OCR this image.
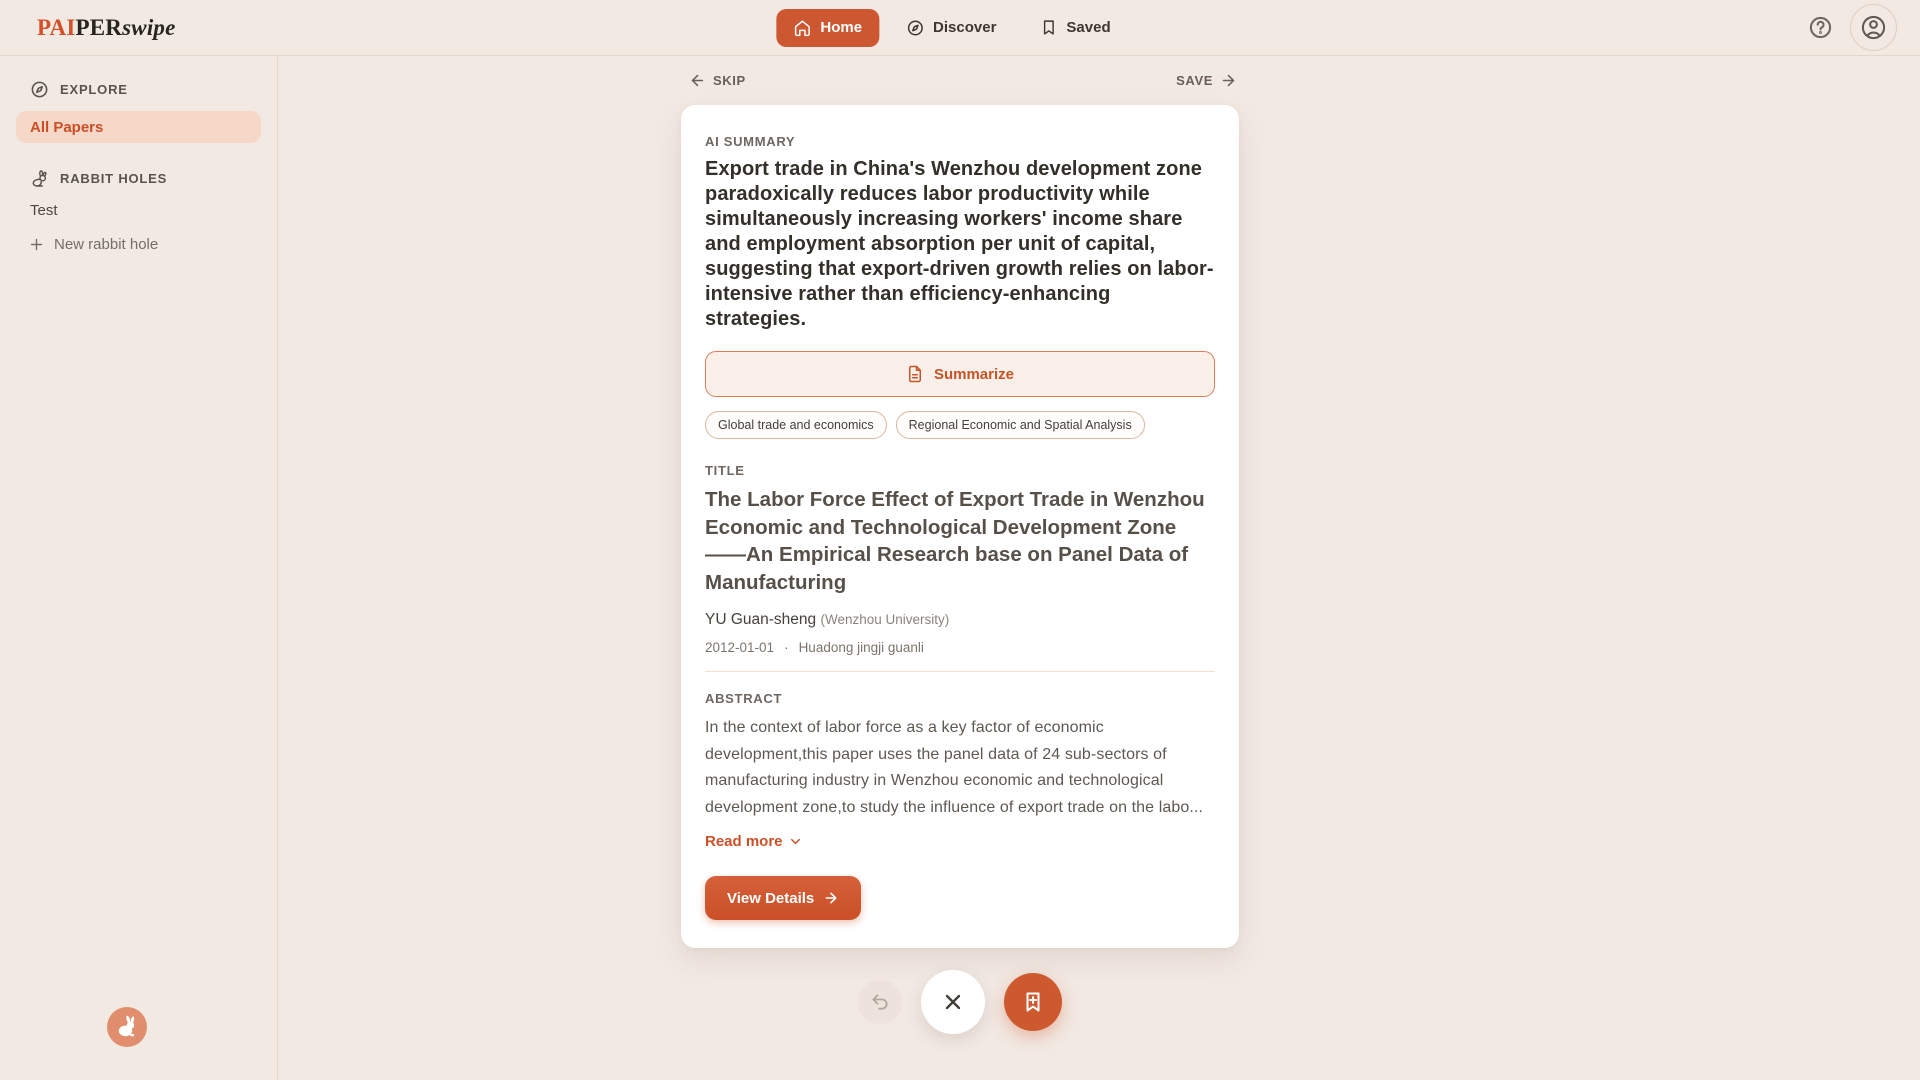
PAIPERswipe	Home	Discover	Saved
EXPLORE
All Papers
RABBIT HOLES
Test
New rabbit hole
SKIP	SAVE
AI SUMMARY
Export trade in China's Wenzhou development zone paradoxically reduces labor productivity while simultaneously increasing workers' income share and employment absorption per unit of capital, suggesting that export-driven growth relies on labor-intensive rather than efficiency-enhancing strategies.
Summarize
Global trade and economics	Regional Economic and Spatial Analysis
TITLE
The Labor Force Effect of Export Trade in Wenzhou Economic and Technological Development Zone——An Empirical Research base on Panel Data of Manufacturing
YU Guan-sheng (Wenzhou University)
2012-01-01 · Huadong jingji guanli
ABSTRACT
In the context of labor force as a key factor of economic development,this paper uses the panel data of 24 sub-sectors of manufacturing industry in Wenzhou economic and technological development zone,to study the influence of export trade on the labo...
Read more
View Details
